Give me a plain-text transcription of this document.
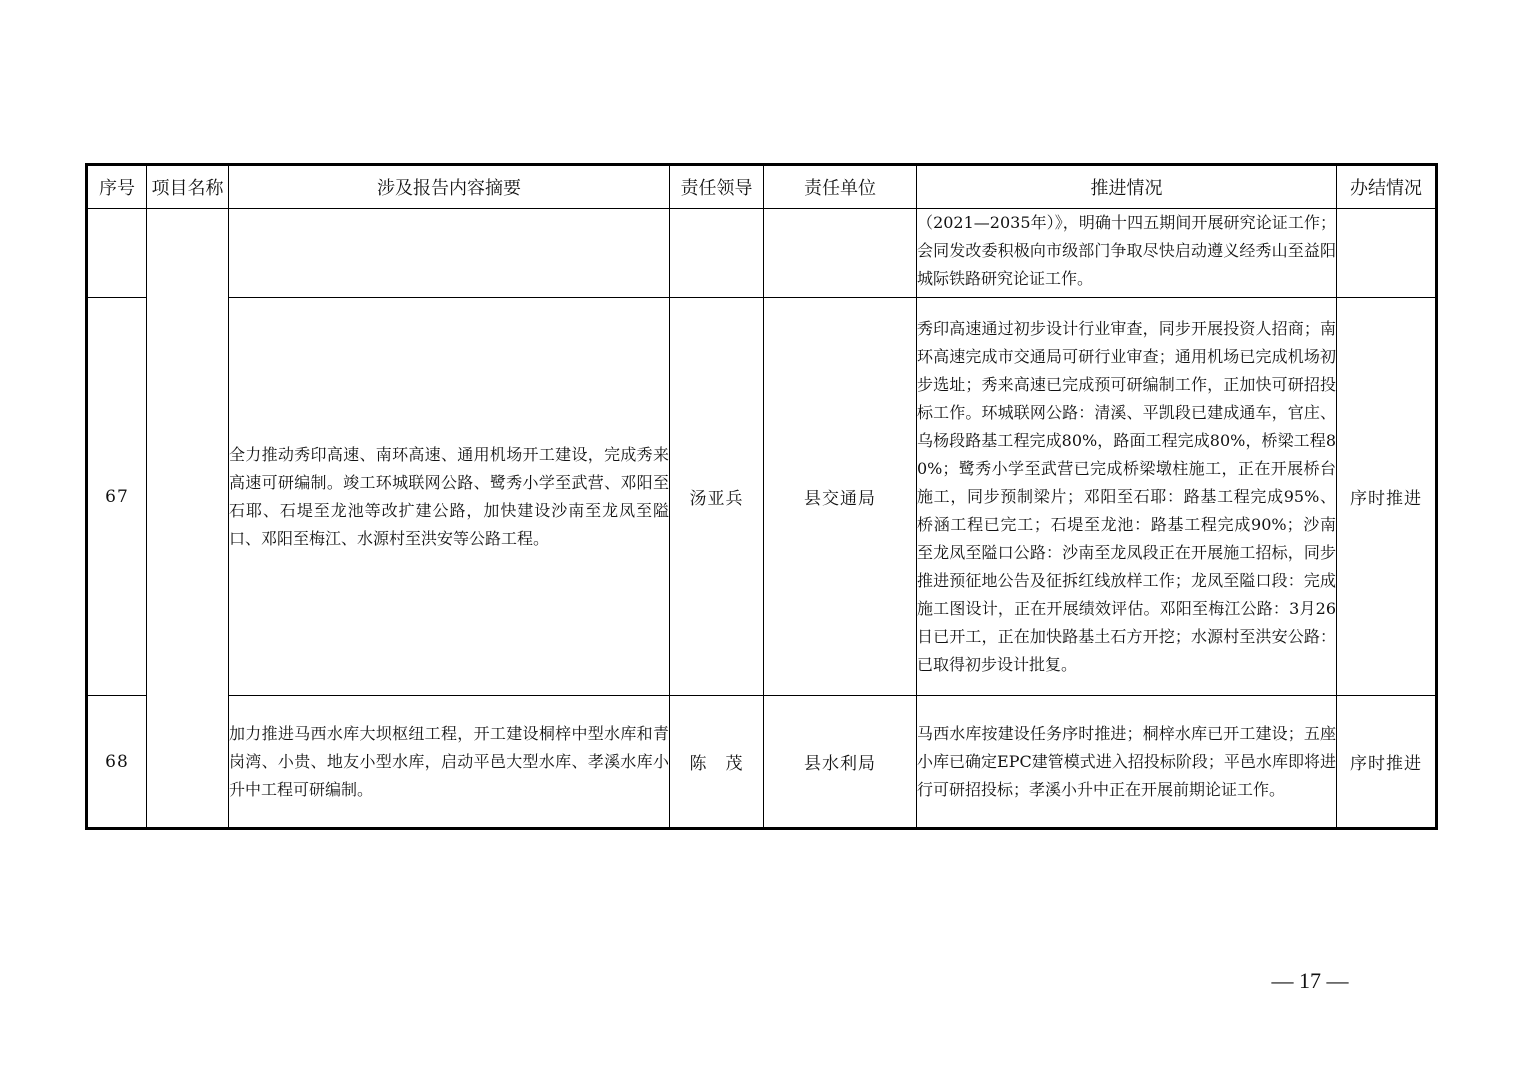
序号	项目名称	涉及报告内容摘要	责任领导	责任单位	推进情况	办结情况
					（2021—2035年）》，明确十四五期间开展研究论证工作；会同发改委积极向市级部门争取尽快启动遵义经秀山至益阳城际铁路研究论证工作。	
67		全力推动秀印高速、南环高速、通用机场开工建设，完成秀来高速可研编制。竣工环城联网公路、鹭秀小学至武营、邓阳至石耶、石堤至龙池等改扩建公路，加快建设沙南至龙凤至隘口、邓阳至梅江、水源村至洪安等公路工程。	汤亚兵	县交通局	秀印高速通过初步设计行业审查，同步开展投资人招商；南环高速完成市交通局可研行业审查；通用机场已完成机场初步选址；秀来高速已完成预可研编制工作，正加快可研招投标工作。环城联网公路：清溪、平凯段已建成通车，官庄、乌杨段路基工程完成80%，路面工程完成80%，桥梁工程80%；鹭秀小学至武营已完成桥梁墩柱施工，正在开展桥台施工，同步预制梁片；邓阳至石耶：路基工程完成95%、桥涵工程已完工；石堤至龙池：路基工程完成90%；沙南至龙凤至隘口公路：沙南至龙凤段正在开展施工招标，同步推进预征地公告及征拆红线放样工作；龙凤至隘口段：完成施工图设计，正在开展绩效评估。邓阳至梅江公路：3月26日已开工，正在加快路基土石方开挖；水源村至洪安公路：已取得初步设计批复。	序时推进
68		加力推进马西水库大坝枢纽工程，开工建设桐梓中型水库和青岗湾、小贵、地友小型水库，启动平邑大型水库、孝溪水库小升中工程可研编制。	陈　茂	县水利局	马西水库按建设任务序时推进；桐梓水库已开工建设；五座小库已确定EPC建管模式进入招投标阶段；平邑水库即将进行可研招投标；孝溪小升中正在开展前期论证工作。	序时推进
— 17 —
